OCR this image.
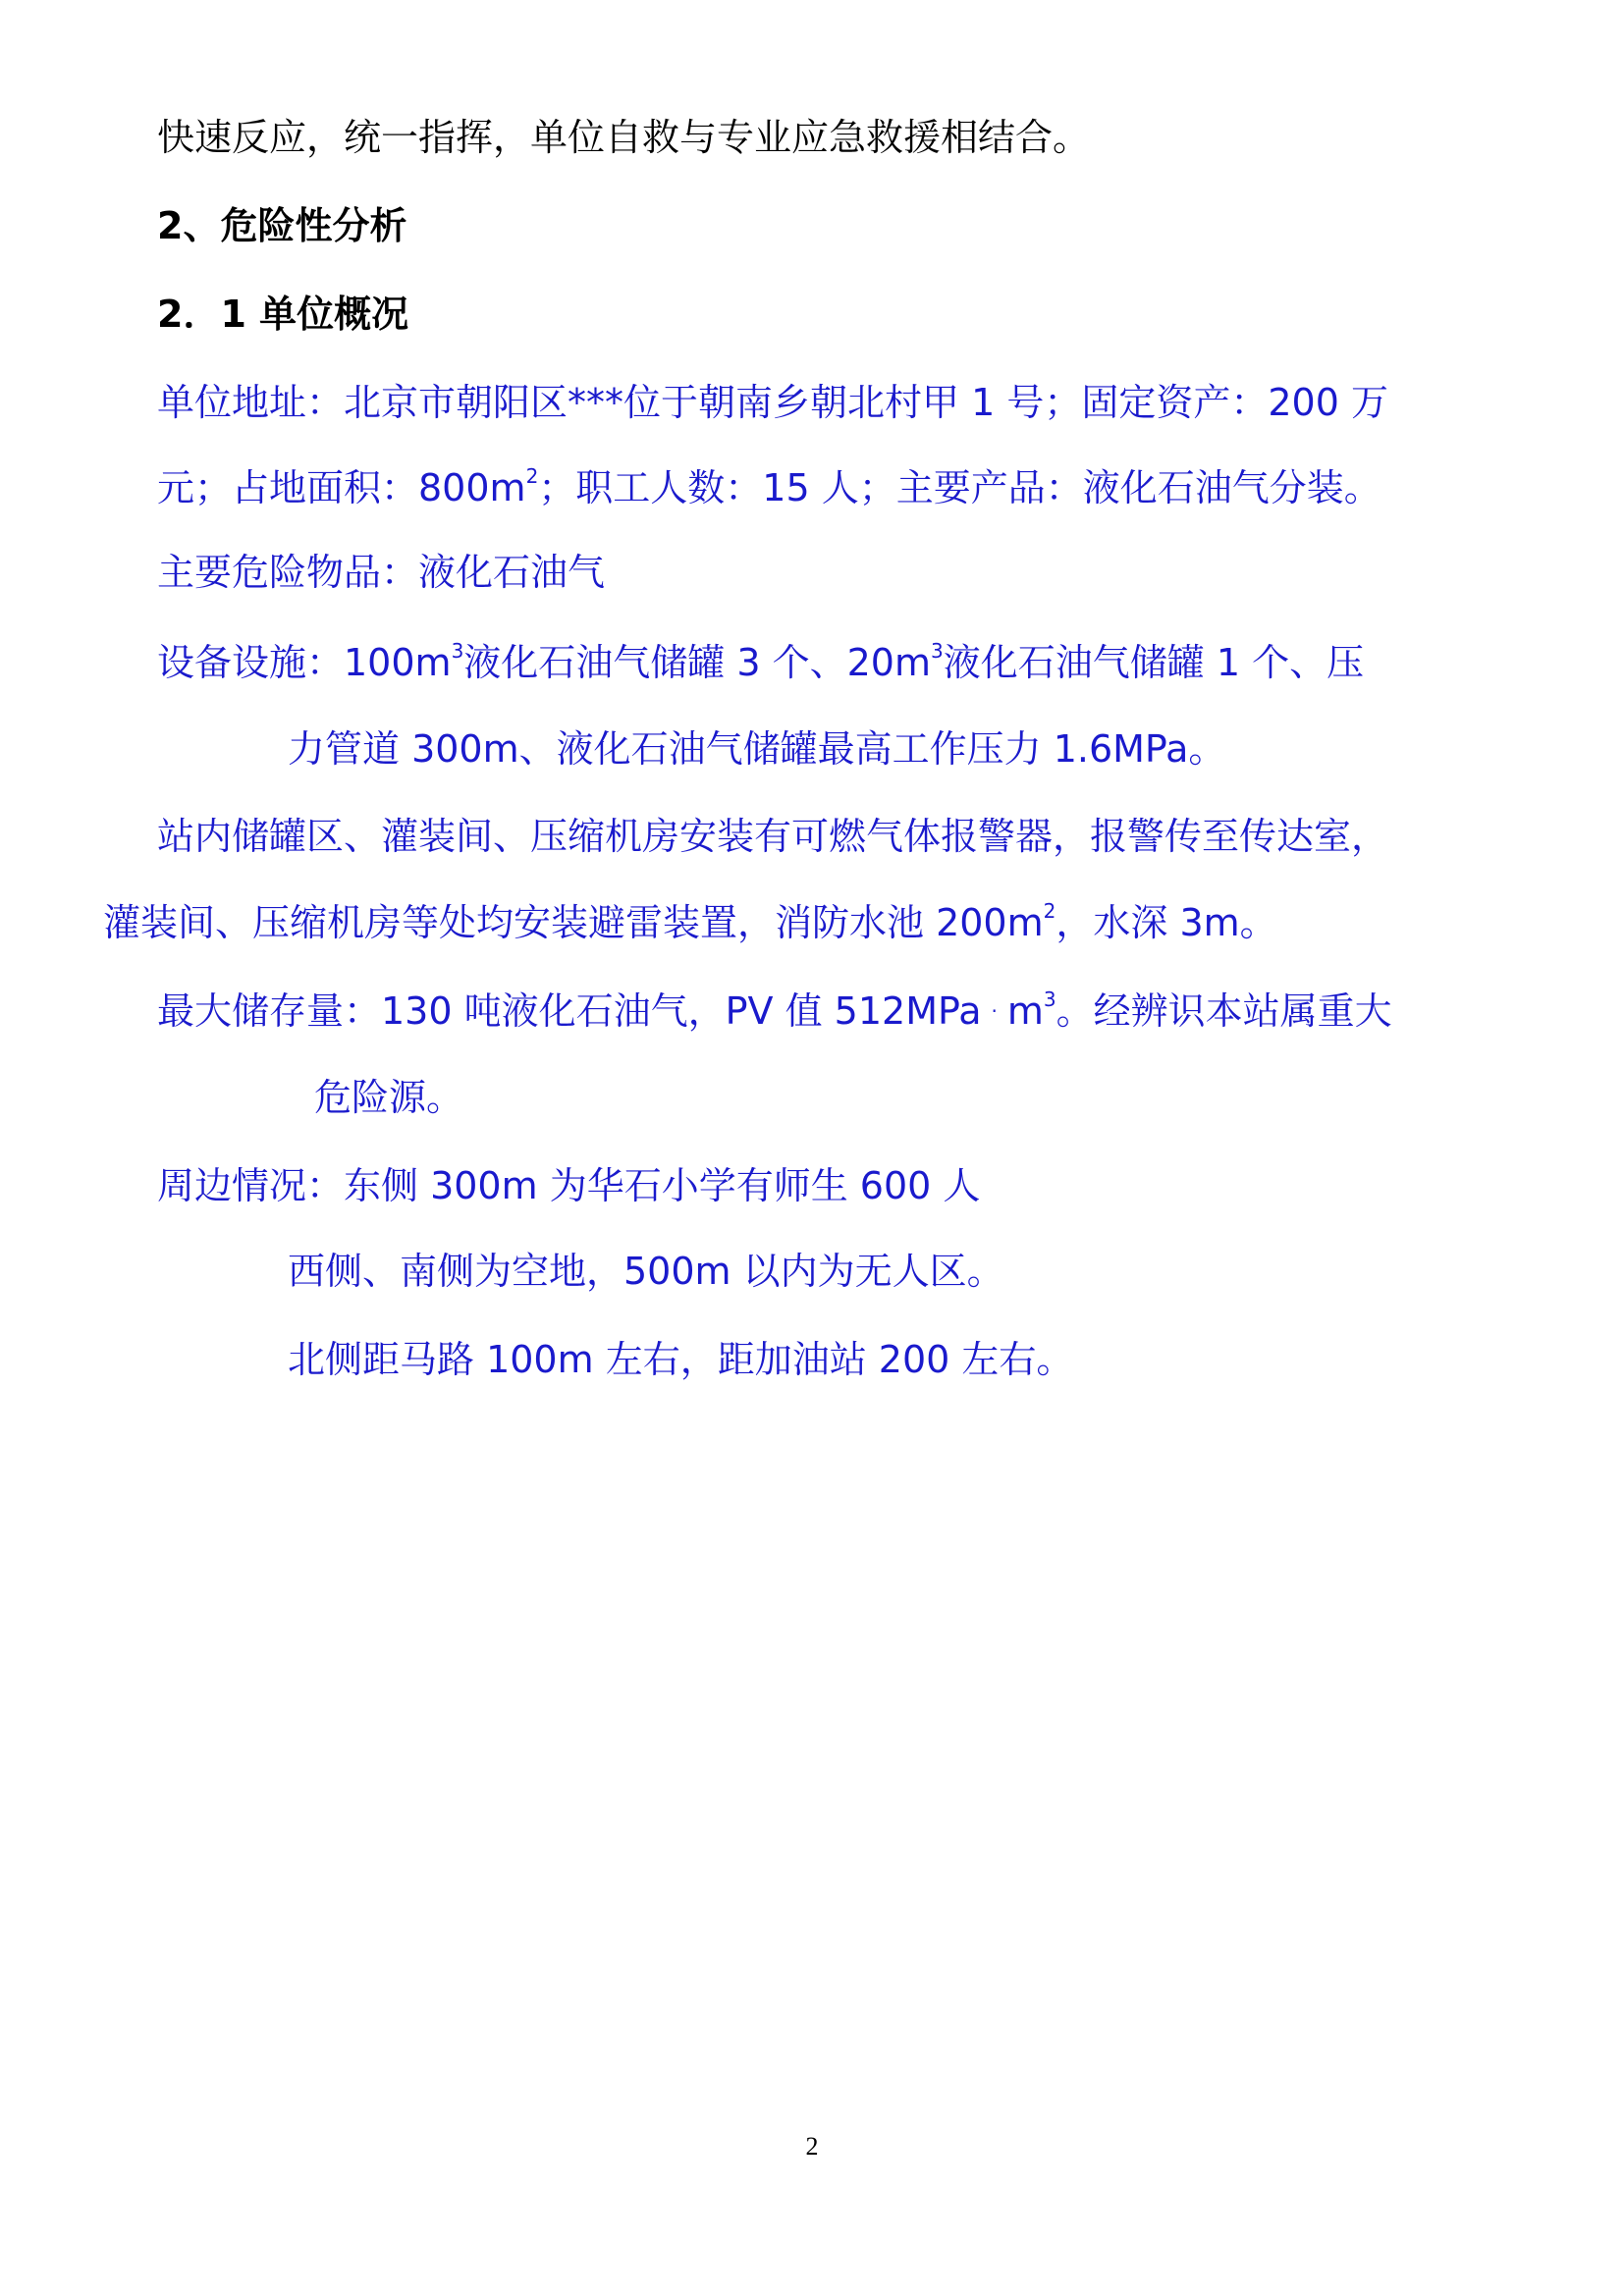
快速反应，统一指挥，单位自救与专业应急救援相结合。
2、危险性分析
2．1 单位概况
单位地址：北京市朝阳区***位于朝南乡朝北村甲 1 号；固定资产：200 万
元；占地面积：$800m^2$；职工人数：15 人；主要产品：液化石油气分装。
主要危险物品：液化石油气
设备设施：$100m^3$液化石油气储罐 3 个、$20m^3$液化石油气储罐 1 个、压
力管道 300m、液化石油气储罐最高工作压力 1.6MPa。
站内储罐区、灌装间、压缩机房安装有可燃气体报警器，报警传至传达室，
灌装间、压缩机房等处均安装避雷装置，消防水池 $200m^2$，水深 3m。
最大储存量：130 吨液化石油气，PV 值 $512MPa \cdot m^3$。经辨识本站属重大
危险源。
周边情况：东侧 300m 为华石小学有师生 600 人
西侧、南侧为空地，500m 以内为无人区。
北侧距马路 100m 左右，距加油站 200 左右。
2
